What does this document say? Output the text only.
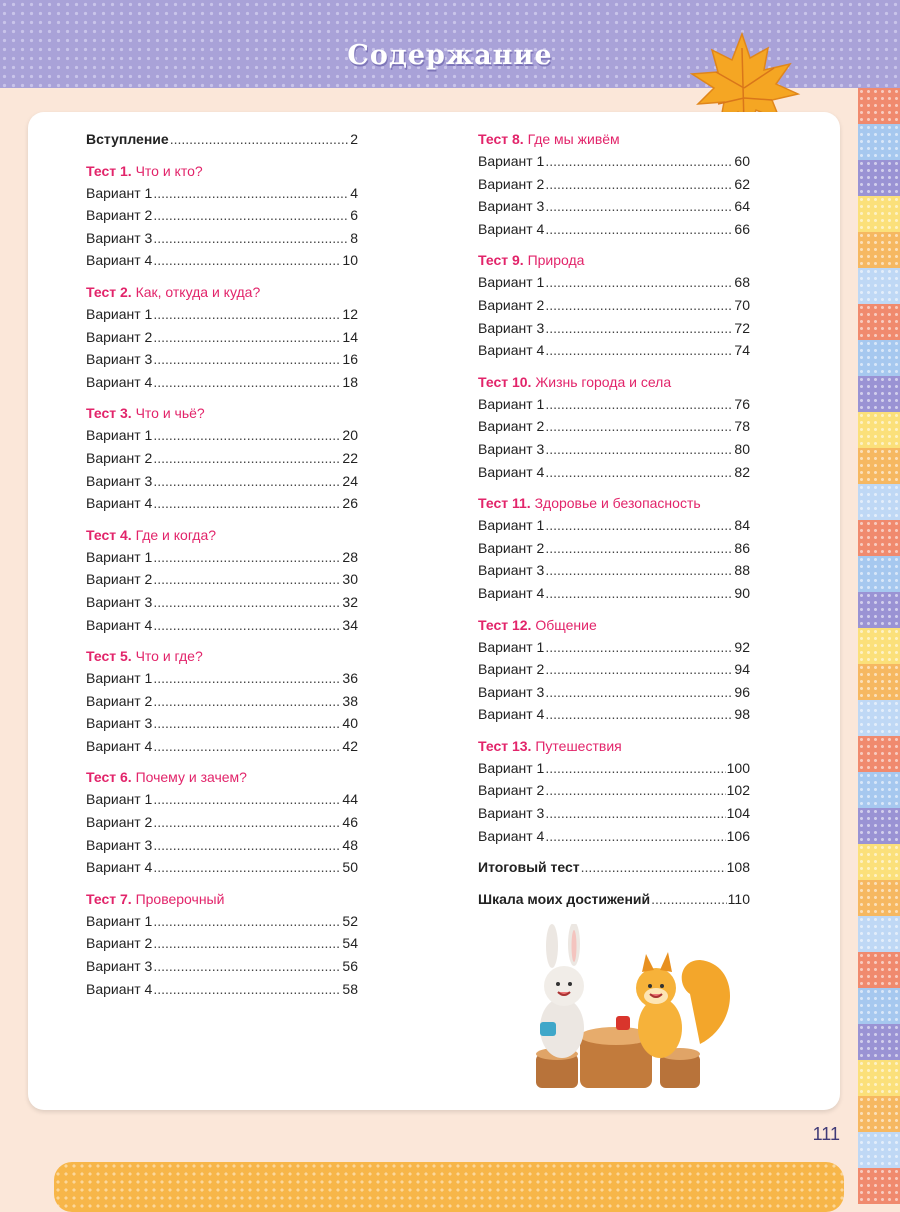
Содержание
Вступление .....	2
Тест 1. Что и кто?
Вариант 1 .....	4
Вариант 2 .....	6
Вариант 3 .....	8
Вариант 4 .....	10
Тест 2. Как, откуда и куда?
Вариант 1 .....	12
Вариант 2 .....	14
Вариант 3 .....	16
Вариант 4 .....	18
Тест 3. Что и чьё?
Вариант 1 .....	20
Вариант 2 .....	22
Вариант 3 .....	24
Вариант 4 .....	26
Тест 4. Где и когда?
Вариант 1 .....	28
Вариант 2 .....	30
Вариант 3 .....	32
Вариант 4 .....	34
Тест 5. Что и где?
Вариант 1 .....	36
Вариант 2 .....	38
Вариант 3 .....	40
Вариант 4 .....	42
Тест 6. Почему и зачем?
Вариант 1 .....	44
Вариант 2 .....	46
Вариант 3 .....	48
Вариант 4 .....	50
Тест 7. Проверочный
Вариант 1 .....	52
Вариант 2 .....	54
Вариант 3 .....	56
Вариант 4 .....	58
Тест 8. Где мы живём
Вариант 1 .....	60
Вариант 2 .....	62
Вариант 3 .....	64
Вариант 4 .....	66
Тест 9. Природа
Вариант 1 .....	68
Вариант 2 .....	70
Вариант 3 .....	72
Вариант 4 .....	74
Тест 10. Жизнь города и села
Вариант 1 .....	76
Вариант 2 .....	78
Вариант 3 .....	80
Вариант 4 .....	82
Тест 11. Здоровье и безопасность
Вариант 1 .....	84
Вариант 2 .....	86
Вариант 3 .....	88
Вариант 4 .....	90
Тест 12. Общение
Вариант 1 .....	92
Вариант 2 .....	94
Вариант 3 .....	96
Вариант 4 .....	98
Тест 13. Путешествия
Вариант 1 .....	100
Вариант 2 .....	102
Вариант 3 .....	104
Вариант 4 .....	106
Итоговый тест .....	108
Шкала моих достижений .....	110
111
